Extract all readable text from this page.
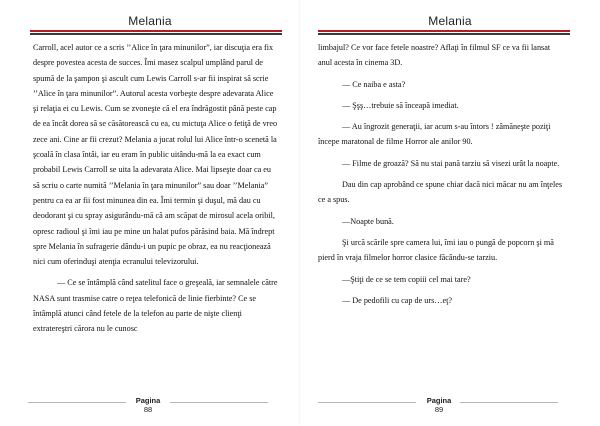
Melania

Carroll, acel autor ce a scris ’’Alice în ţara minunilor”, iar discuţia era fix despre povestea acesta de succes. Îmi masez scalpul umplând parul de spumă de la şampon şi ascult cum Lewis Carroll s-ar fii inspirat să scrie ’’Alice în ţara minunilor”. Autorul acesta vorbeşte despre adevarata Alice şi relaţia ei cu Lewis. Cum se zvoneşte că el era îndrăgostit până peste cap de ea încât dorea să se căsătorească cu ea, cu mictuţa Alice o fetiţă de vreo zece ani. Cine ar fii crezut? Melania a jucat rolul lui Alice într-o scenetă la şcoală în clasa întâi, iar eu eram în public uitându-mă la ea exact cum probabil Lewis Carroll se uita la adevarata Alice. Mai lipseşte doar ca eu să scriu o carte numită ’’Melania în ţara minunilor” sau doar ’’Melania” pentru ca ea ar fii fost minunea din ea. Îmi termin şi duşul, mă dau cu deodorant şi cu spray asigurându-mă că am scăpat de mirosul acela oribil, opresc radioul şi îmi iau pe mine un halat pufos părăsind baia. Mă îndrept spre Melania în sufragerie dându-i un pupic pe obraz, ea nu reacţionează nici cum oferinduşi atenţia ecranului televizorului.

— Ce se întâmplă când satelitul face o greşeală, iar semnalele către NASA sunt trasmise catre o reţea telefonică de linie fierbinte? Ce se întâmplă atunci când fetele de la telefon au parte de nişte clienţi extratereştri cărora nu le cunosc

Pagina
88
Melania

limbajul? Ce vor face fetele noastre? Aflaţi în filmul SF ce va fii lansat anul acesta în cinema 3D.

— Ce naiba e asta?

— Şşş…trebuie să înceapă imediat.

— Au îngrozit generaţii, iar acum s-au întors ! zâmăneşte poziţi începe maratonal de filme Horror ale anilor 90.

— Filme de groază? Să nu stai pană tarziu să visezi urât la noapte.

Dau din cap aprobând ce spune chiar dacă nici măcar nu am înţeles ce a spus.

—Noapte bună.

Şi urcă scările spre camera lui, îmi iau o pungă de popcorn şi mă pierd în vraja filmelor horror clasice făcându-se tarziu.

—Ştiţi de ce se tem copiii cel mai tare?

— De pedofili cu cap de urs…eţ?

Pagina
89
